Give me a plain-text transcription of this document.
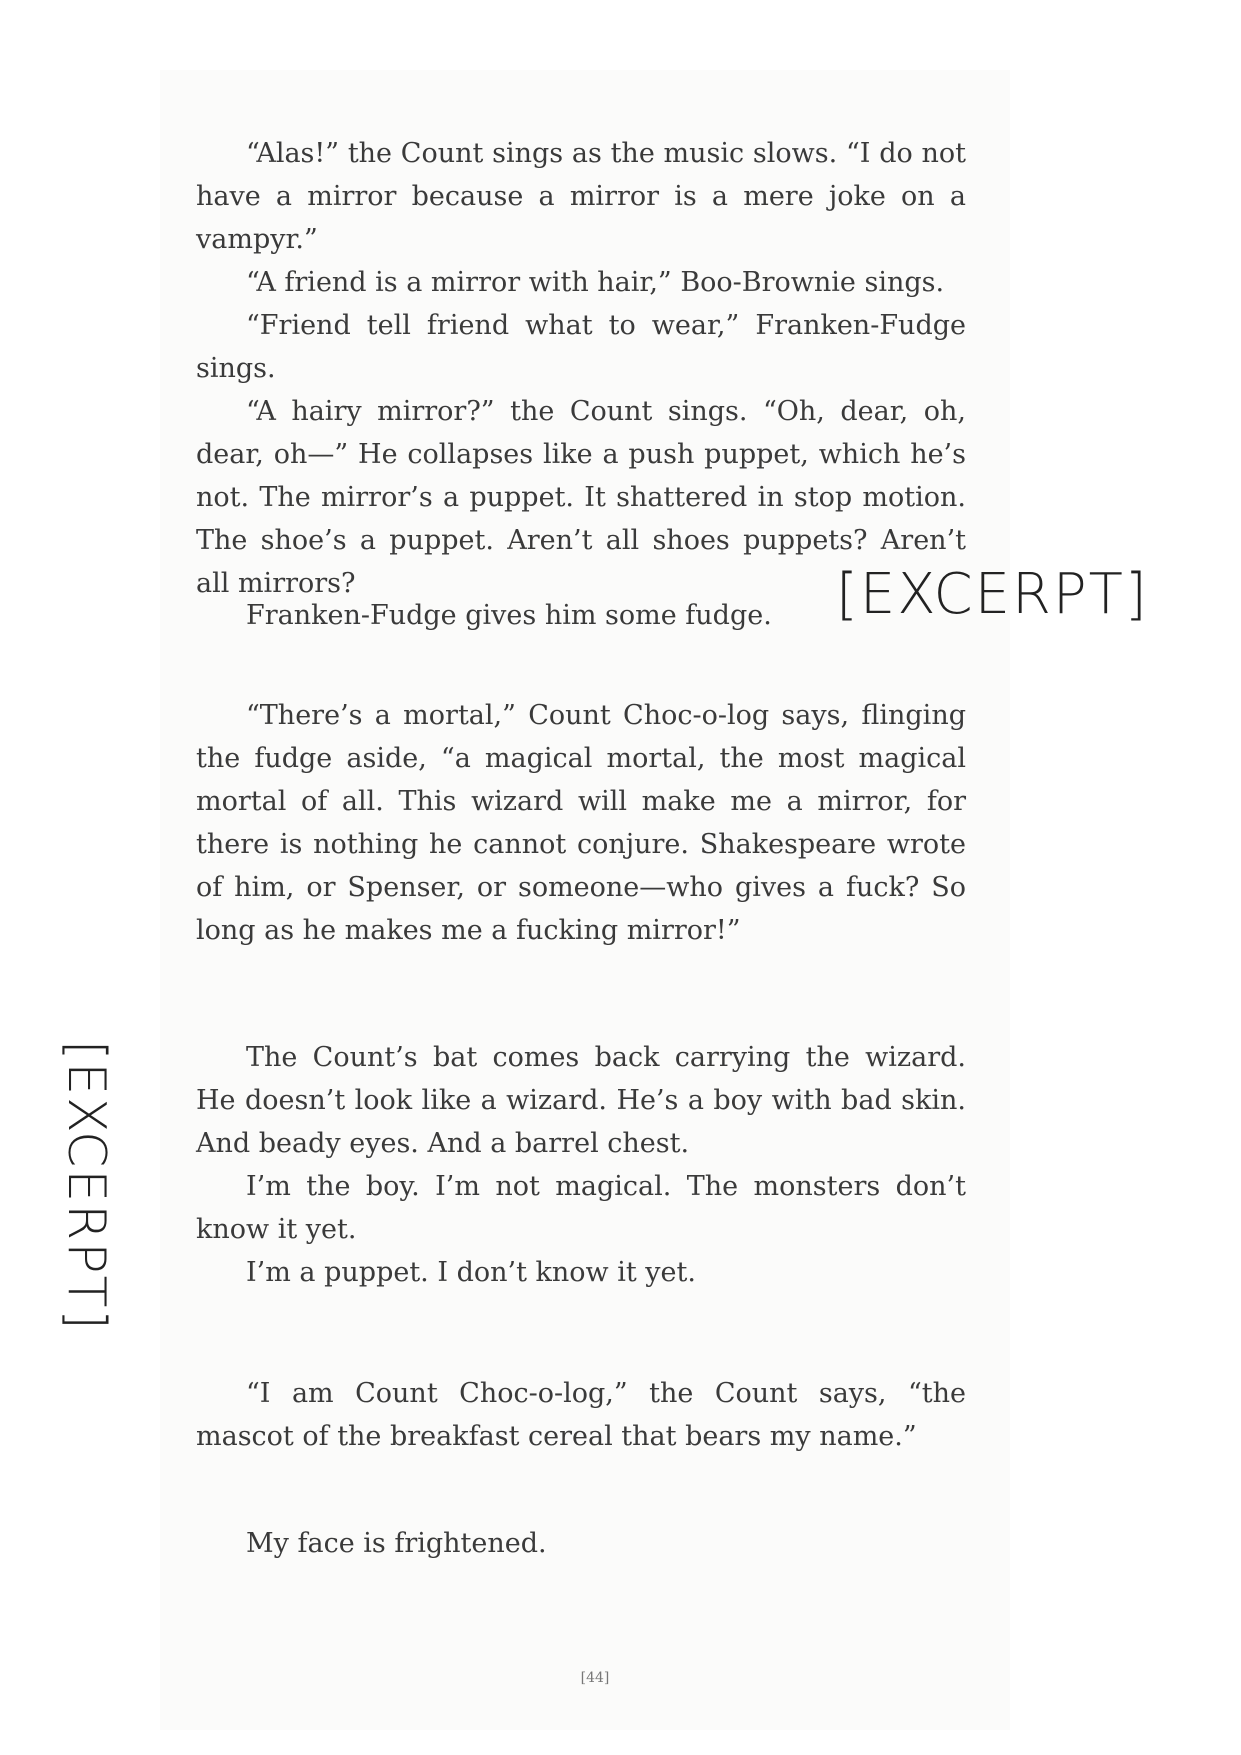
“Alas!” the Count sings as the music slows. “I do not have a mirror because a mirror is a mere joke on a vampyr.”

“A friend is a mirror with hair,” Boo-Brownie sings.

“Friend tell friend what to wear,” Franken-Fudge sings.

“A hairy mirror?” the Count sings. “Oh, dear, oh, dear, oh—” He collapses like a push puppet, which he’s not. The mirror’s a puppet. It shattered in stop motion. The shoe’s a puppet. Aren’t all shoes puppets? Aren’t all mirrors?

Franken-Fudge gives him some fudge.

“There’s a mortal,” Count Choc-o-log says, flinging the fudge aside, “a magical mortal, the most magical mortal of all. This wizard will make me a mirror, for there is nothing he cannot conjure. Shakespeare wrote of him, or Spenser, or someone—who gives a fuck? So long as he makes me a fucking mirror!”

The Count’s bat comes back carrying the wizard. He doesn’t look like a wizard. He’s a boy with bad skin. And beady eyes. And a barrel chest.

I’m the boy. I’m not magical. The monsters don’t know it yet.

I’m a puppet. I don’t know it yet.

“I am Count Choc-o-log,” the Count says, “the mascot of the breakfast cereal that bears my name.”

My face is frightened.

[EXCERPT]
[EXCERPT]
[44]
